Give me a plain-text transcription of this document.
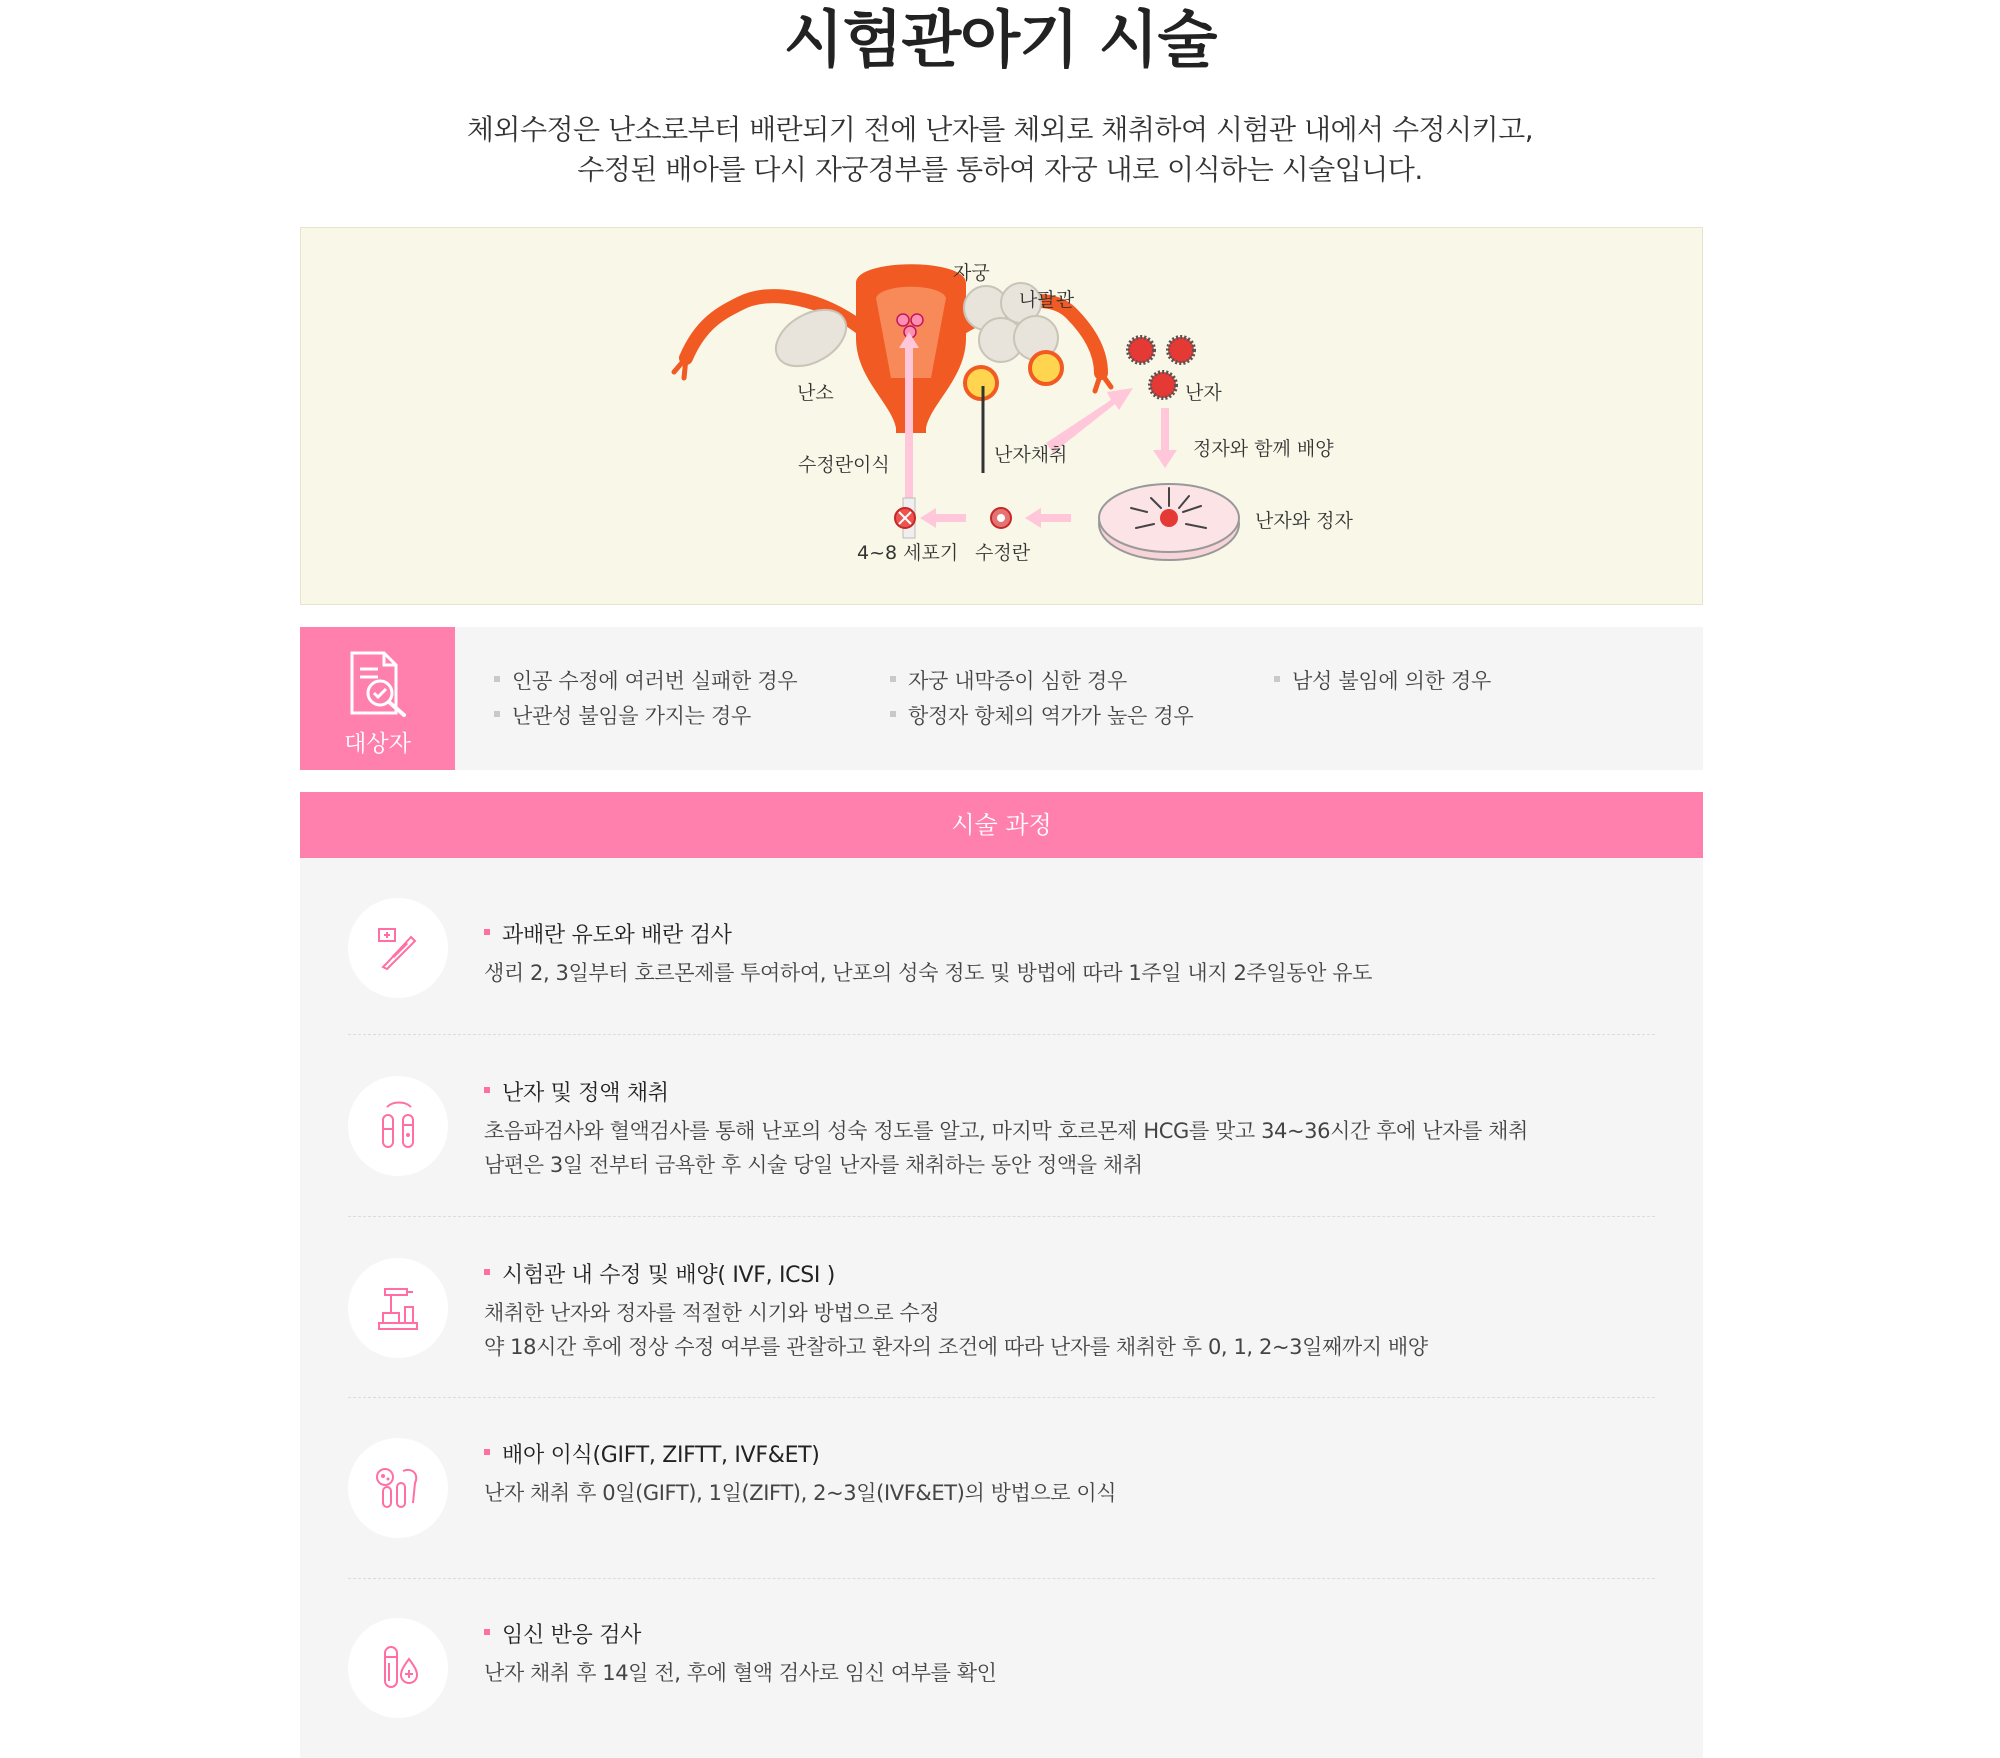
시험관아기 시술
체외수정은 난소로부터 배란되기 전에 난자를 체외로 채취하여 시험관 내에서 수정시키고,
수정된 배아를 다시 자궁경부를 통하여 자궁 내로 이식하는 시술입니다.
자궁
나팔관
난소	난자
난자채취	정자와 함께 배양
수정란이식
난자와 정자
4~8 세포기 수정란
대상자
인공 수정에 여러번 실패한 경우
난관성 불임을 가지는 경우
자궁 내막증이 심한 경우
항정자 항체의 역가가 높은 경우
남성 불임에 의한 경우
시술 과정
과배란 유도와 배란 검사
생리 2, 3일부터 호르몬제를 투여하여, 난포의 성숙 정도 및 방법에 따라 1주일 내지 2주일동안 유도
난자 및 정액 채취
초음파검사와 혈액검사를 통해 난포의 성숙 정도를 알고, 마지막 호르몬제 HCG를 맞고 34~36시간 후에 난자를 채취
남편은 3일 전부터 금욕한 후 시술 당일 난자를 채취하는 동안 정액을 채취
시험관 내 수정 및 배양( IVF, ICSI )
채취한 난자와 정자를 적절한 시기와 방법으로 수정
약 18시간 후에 정상 수정 여부를 관찰하고 환자의 조건에 따라 난자를 채취한 후 0, 1, 2~3일째까지 배양
배아 이식(GIFT, ZIFTT, IVF&ET)
난자 채취 후 0일(GIFT), 1일(ZIFT), 2~3일(IVF&ET)의 방법으로 이식
임신 반응 검사
난자 채취 후 14일 전, 후에 혈액 검사로 임신 여부를 확인
